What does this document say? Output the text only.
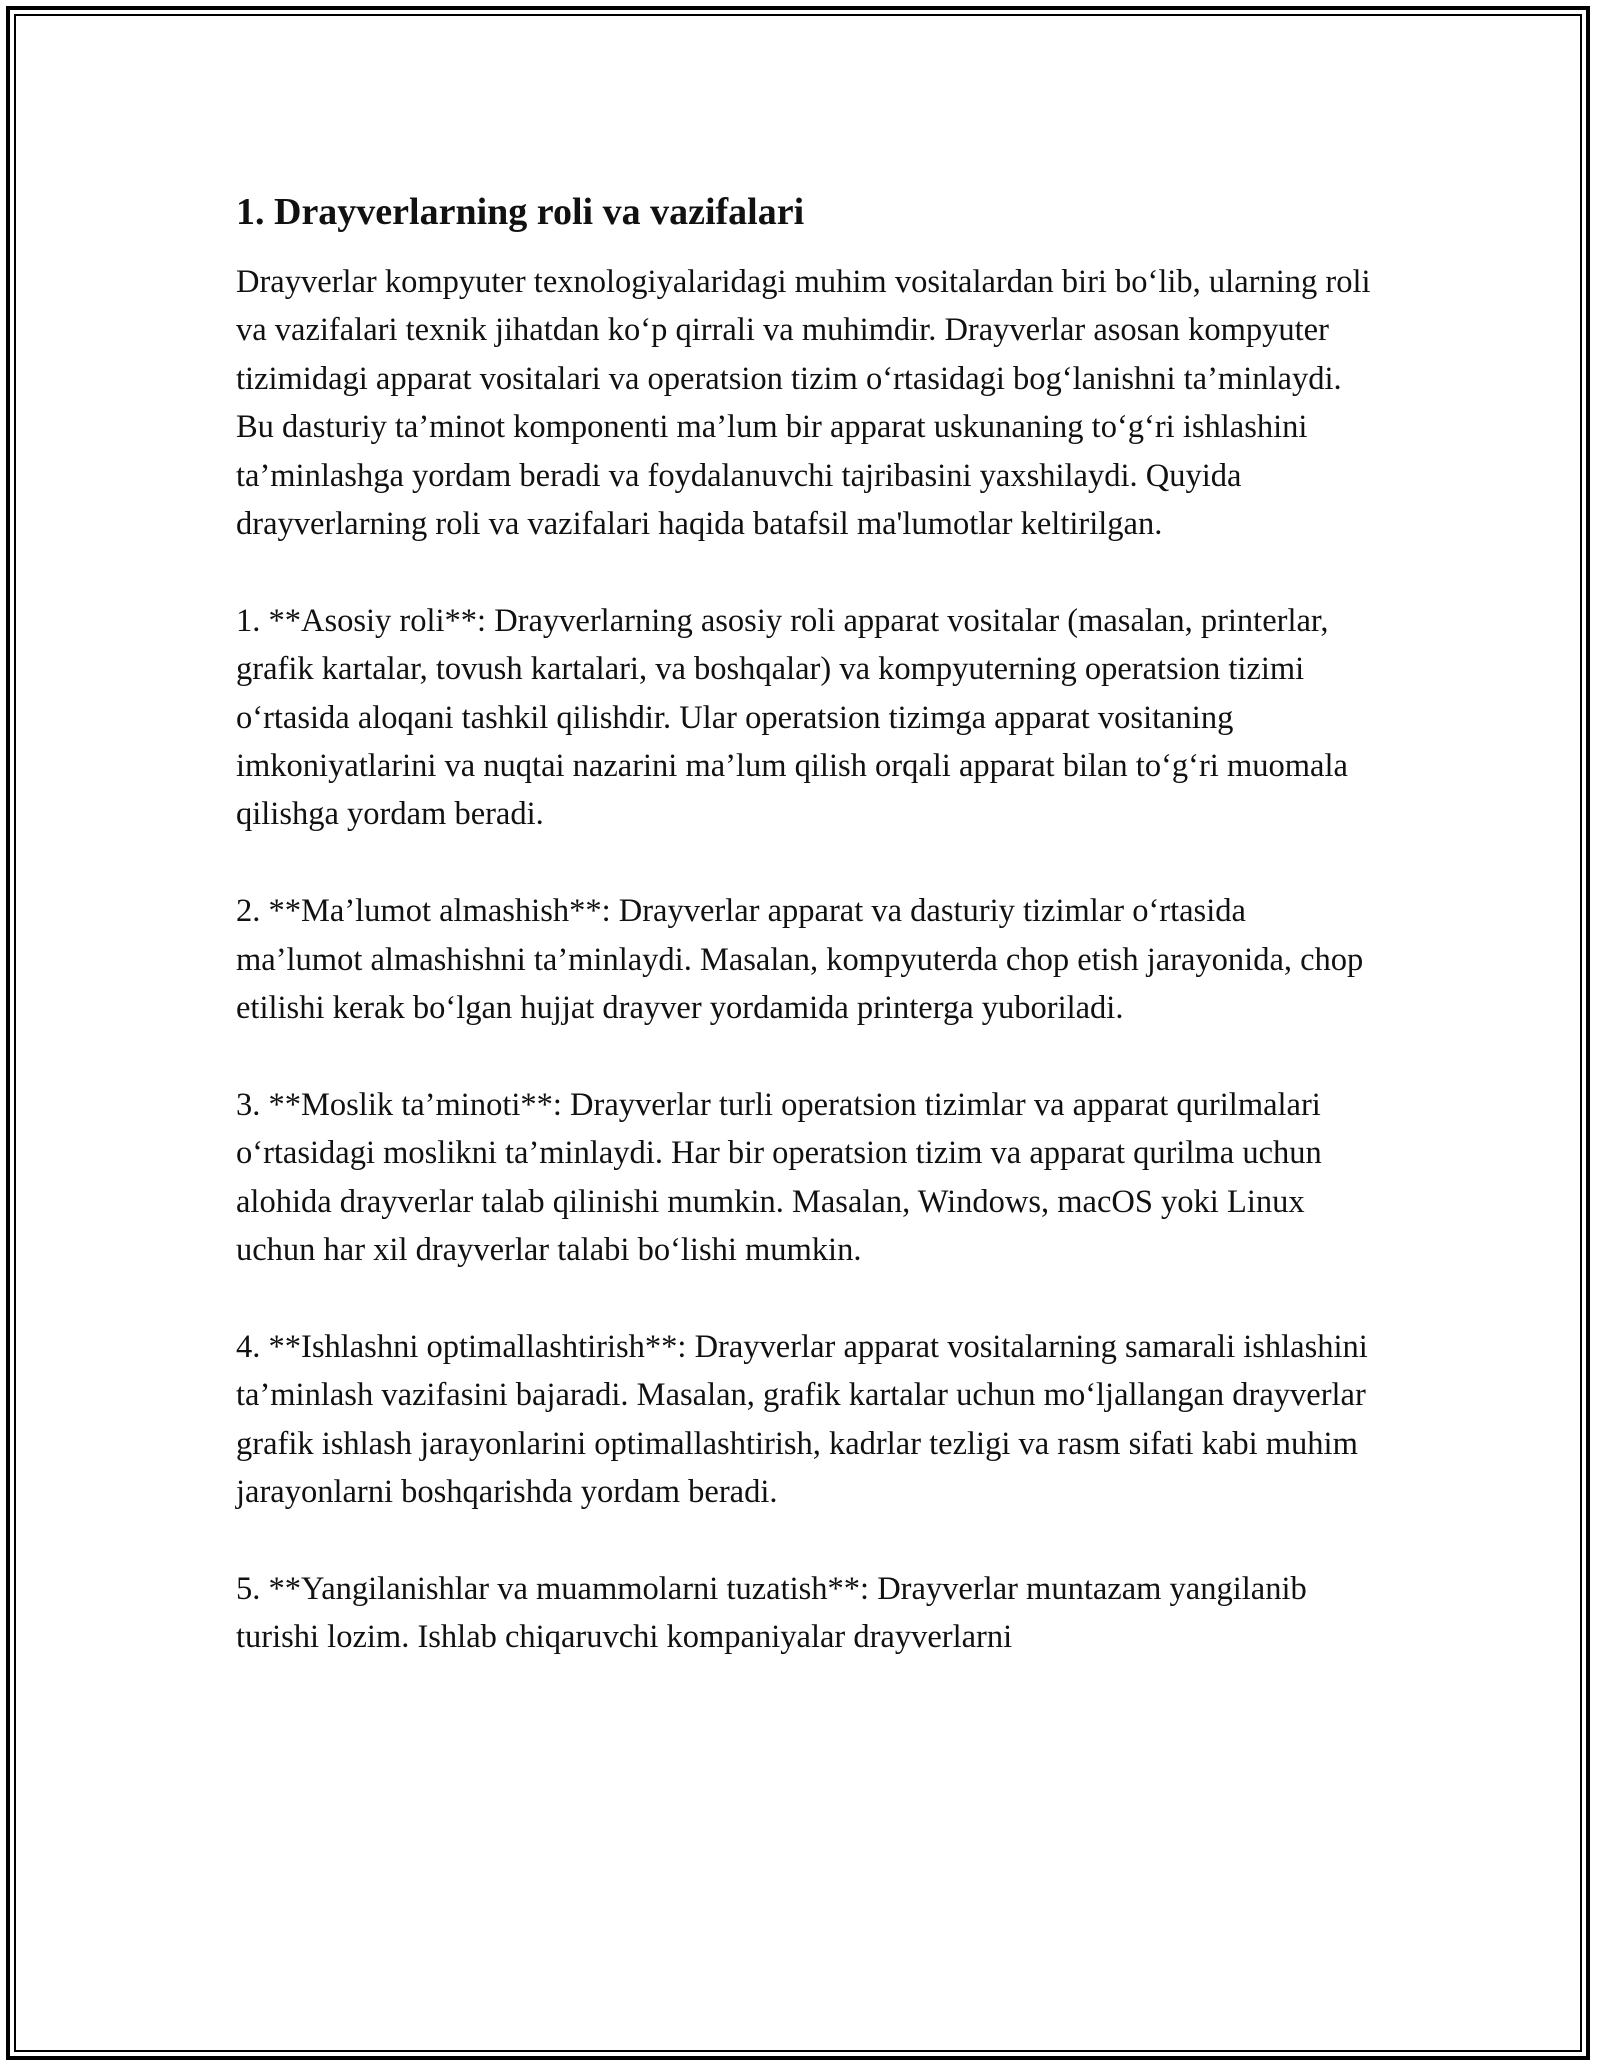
1. Drayverlarning roli va vazifalari

Drayverlar kompyuter texnologiyalaridagi muhim vositalardan biri bo‘lib, ularning roli va vazifalari texnik jihatdan ko‘p qirrali va muhimdir. Drayverlar asosan kompyuter tizimidagi apparat vositalari va operatsion tizim o‘rtasidagi bog‘lanishni ta’minlaydi. Bu dasturiy ta’minot komponenti ma’lum bir apparat uskunaning to‘g‘ri ishlashini ta’minlashga yordam beradi va foydalanuvchi tajribasini yaxshilaydi. Quyida drayverlarning roli va vazifalari haqida batafsil ma'lumotlar keltirilgan.

1. **Asosiy roli**: Drayverlarning asosiy roli apparat vositalar (masalan, printerlar, grafik kartalar, tovush kartalari, va boshqalar) va kompyuterning operatsion tizimi o‘rtasida aloqani tashkil qilishdir. Ular operatsion tizimga apparat vositaning imkoniyatlarini va nuqtai nazarini ma’lum qilish orqali apparat bilan to‘g‘ri muomala qilishga yordam beradi.

2. **Ma’lumot almashish**: Drayverlar apparat va dasturiy tizimlar o‘rtasida ma’lumot almashishni ta’minlaydi. Masalan, kompyuterda chop etish jarayonida, chop etilishi kerak bo‘lgan hujjat drayver yordamida printerga yuboriladi.

3. **Moslik ta’minoti**: Drayverlar turli operatsion tizimlar va apparat qurilmalari o‘rtasidagi moslikni ta’minlaydi. Har bir operatsion tizim va apparat qurilma uchun alohida drayverlar talab qilinishi mumkin. Masalan, Windows, macOS yoki Linux uchun har xil drayverlar talabi bo‘lishi mumkin.

4. **Ishlashni optimallashtirish**: Drayverlar apparat vositalarning samarali ishlashini ta’minlash vazifasini bajaradi. Masalan, grafik kartalar uchun mo‘ljallangan drayverlar grafik ishlash jarayonlarini optimallashtirish, kadrlar tezligi va rasm sifati kabi muhim jarayonlarni boshqarishda yordam beradi.

5. **Yangilanishlar va muammolarni tuzatish**: Drayverlar muntazam yangilanib turishi lozim. Ishlab chiqaruvchi kompaniyalar drayverlarni
